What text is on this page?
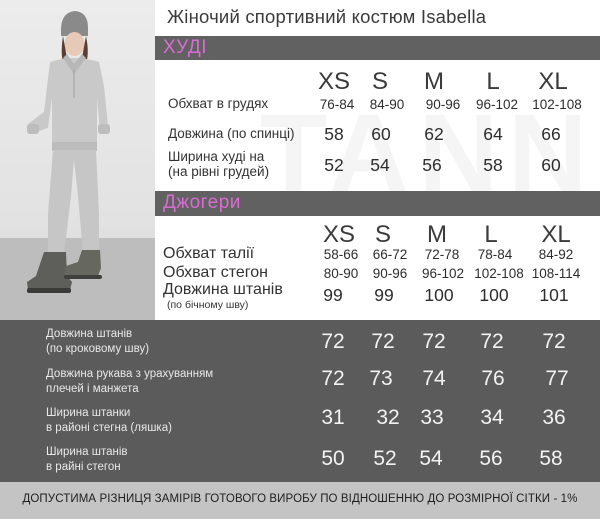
Жіночий спортивний костюм Isabella
ХУДІ
XS S	M	L	XL
Обхват в грудях	76-84	84-90	90-96	96-102	102-108
Довжина (по спинці)	58	60	62	64	66
Ширина худі на
(на рівні грудей)	52	54	56	58	60
Джогери
XS S	M	L	XL
Обхват талії	58-66	66-72	72-78	78-84	84-92
Обхват стегон	80-90	90-96	96-102 102-108 108-114
Довжина штанів
(по бічному шву)	99	99	100	100	101
Довжина штанів
(по кроковому шву)	72	72	72	72	72
Довжина рукава з урахуванням
плечей і манжета	72	73	74	76	77
Ширина штанки
в районі стегна (ляшка)	31	32 33	34	36
Ширина штанів
в райні стегон	50	52	54	56	58
ДОПУСТИМА РІЗНИЦЯ ЗАМІРІВ ГОТОВОГО ВИРОБУ ПО ВІДНОШЕННЮ ДО РОЗМІРНОЇ СІТКИ - 1%
